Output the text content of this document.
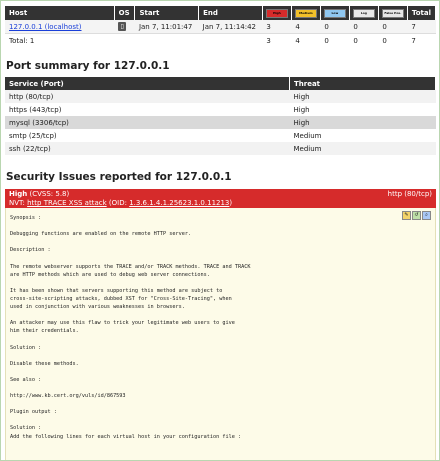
Host	OS	Start	End	High	Medium	Low	Log	False Pos.	Total
127.0.0.1 (localhost)	▯	Jan 7, 11:01:47	Jan 7, 11:14:42	3	4	0	0	0	7
Total: 1				3	4	0	0	0	7
Port summary for 127.0.0.1
Service (Port)	Threat
http (80/tcp)	High
https (443/tcp)	High
mysql (3306/tcp)	High
smtp (25/tcp)	Medium
ssh (22/tcp)	Medium
Security Issues reported for 127.0.0.1
High (CVSS: 5.8)
NVT: http TRACE XSS attack (OID: 1.3.6.1.4.1.25623.1.0.11213)
http (80/tcp)
✎	↺	⌕
Synopsis :

Debugging functions are enabled on the remote HTTP server.

Description :

The remote webserver supports the TRACE and/or TRACK methods. TRACE and TRACK
are HTTP methods which are used to debug web server connections.

It has been shown that servers supporting this method are subject to
cross-site-scripting attacks, dubbed XST for "Cross-Site-Tracing", when
used in conjunction with various weaknesses in browsers.

An attacker may use this flaw to trick your legitimate web users to give
him their credentials.

Solution :

Disable these methods.

See also :

http://www.kb.cert.org/vuls/id/867593

Plugin output :

Solution :
Add the following lines for each virtual host in your configuration file :
